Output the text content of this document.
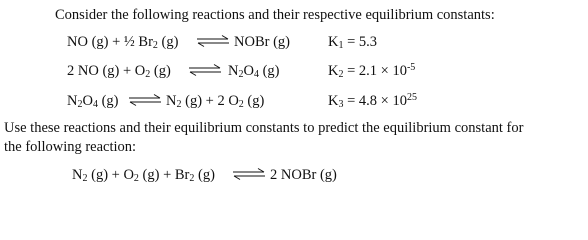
Consider the following reactions and their respective equilibrium constants:
NO (g) + ½ $Br_2$ (g) ⇌ NOBr (g)	$K_1 = 5.3$
2 NO $(g) + O_2$ (g) ⇌ $N_2O_4$ (g)	$K_2 = 2.1 \times 10^{-5}$
$N_2O_4$ (g) ⇌ $N_2$ (g) + 2 $O_2$ (g)	$K_3 = 4.8 \times 10^{25}$
Use these reactions and their equilibrium constants to predict the equilibrium constant for
the following reaction:
$N_2$ $(g) + O_2$ $(g) + Br_2$ (g) ⇌ 2 NOBr (g)
